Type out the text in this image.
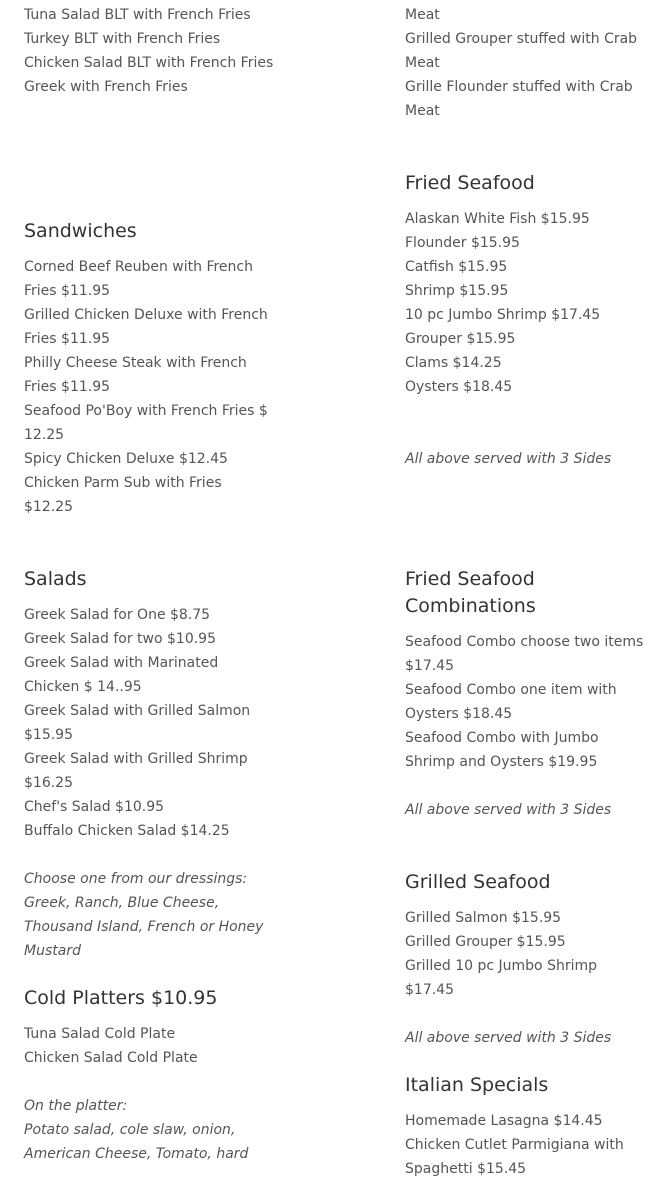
Tuna Salad BLT with French Fries
Turkey BLT with French Fries
Chicken Salad BLT with French Fries
Greek with French Fries
Sandwiches
Corned Beef Reuben with French Fries $11.95
Grilled Chicken Deluxe with French Fries $11.95
Philly Cheese Steak with French Fries $11.95
Seafood Po'Boy with French Fries $ 12.25
Spicy Chicken Deluxe $12.45
Chicken Parm Sub with Fries $12.25
Salads
Greek Salad for One $8.75
Greek Salad for two $10.95
Greek Salad with Marinated Chicken $ 14..95
Greek Salad with Grilled Salmon $15.95
Greek Salad with Grilled Shrimp $16.25
Chef's Salad $10.95
Buffalo Chicken Salad $14.25

Choose one from our dressings:
Greek, Ranch, Blue Cheese, Thousand Island, French or Honey Mustard

Cold Platters $10.95
Tuna Salad Cold Plate
Chicken Salad Cold Plate

On the platter:
Potato salad, cole slaw, onion, American Cheese, Tomato, hard

Meat
Grilled Grouper stuffed with Crab Meat
Grille Flounder stuffed with Crab Meat
Fried Seafood
Alaskan White Fish $15.95
Flounder $15.95
Catfish $15.95
Shrimp $15.95
10 pc Jumbo Shrimp $17.45
Grouper $15.95
Clams $14.25
Oysters $18.45

All above served with 3 Sides

Fried Seafood Combinations
Seafood Combo choose two items $17.45
Seafood Combo one item with Oysters $18.45
Seafood Combo with Jumbo Shrimp and Oysters $19.95

All above served with 3 Sides

Grilled Seafood
Grilled Salmon $15.95
Grilled Grouper $15.95
Grilled 10 pc Jumbo Shrimp $17.45

All above served with 3 Sides

Italian Specials
Homemade Lasagna $14.45
Chicken Cutlet Parmigiana with Spaghetti $15.45
